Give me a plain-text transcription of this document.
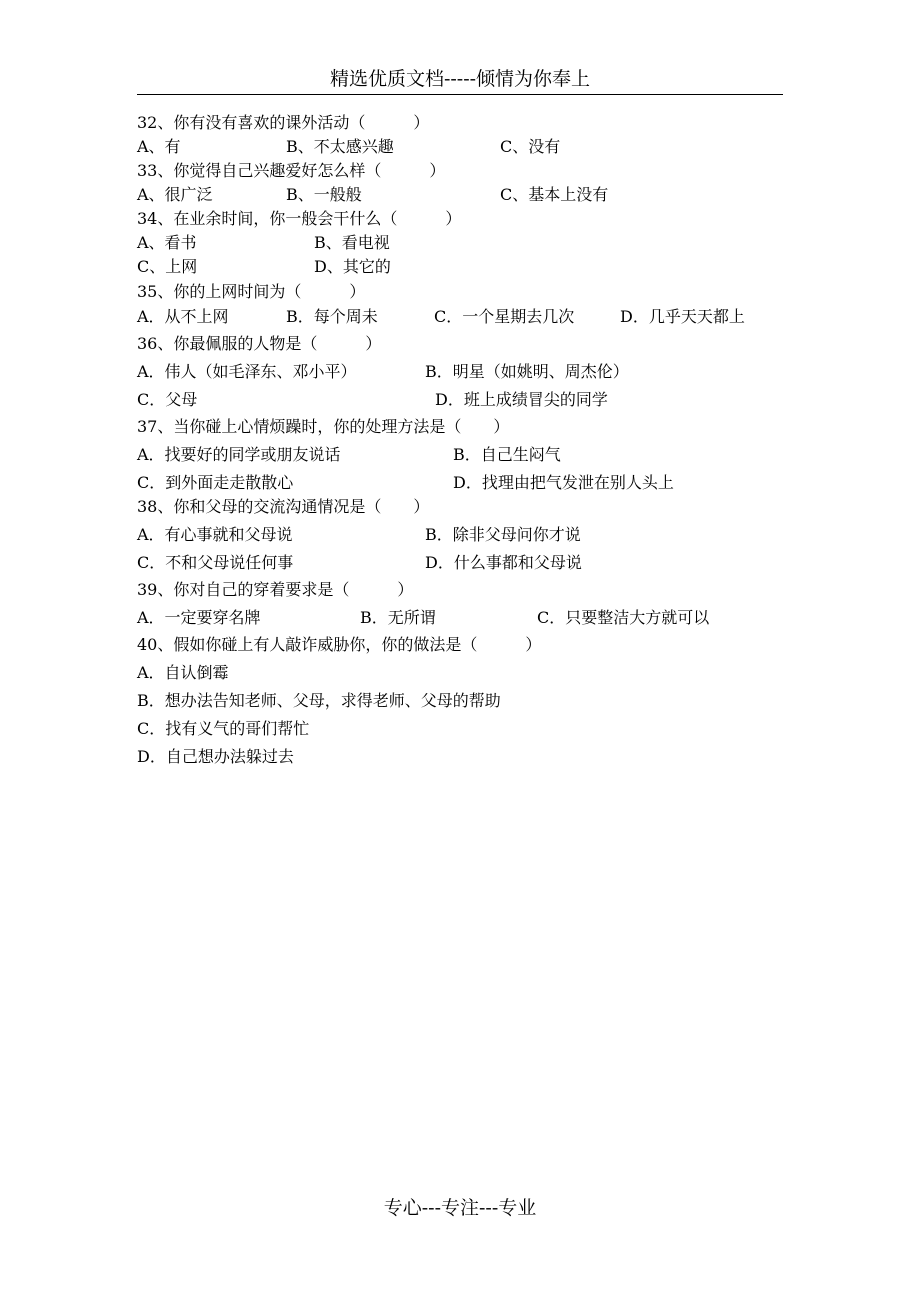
精选优质文档-----倾情为你奉上
32、你有没有喜欢的课外活动（　　　）
A、有	B、不太感兴趣	C、没有
33、你觉得自己兴趣爱好怎么样（　　　）
A、很广泛	B、一般般	C、基本上没有
34、在业余时间，你一般会干什么（　　　）
A、看书	B、看电视
C、上网	D、其它的
35、你的上网时间为（　　　）
A．从不上网	B．每个周未	C．一个星期去几次	D．几乎天天都上
36、你最佩服的人物是（　　　）
A．伟人（如毛泽东、邓小平）	B．明星（如姚明、周杰伦）
C．父母	D．班上成绩冒尖的同学
37、当你碰上心情烦躁时，你的处理方法是（　　）
A．找要好的同学或朋友说话	B．自己生闷气
C．到外面走走散散心	D．找理由把气发泄在别人头上
38、你和父母的交流沟通情况是（　　）
A．有心事就和父母说	B．除非父母问你才说
C．不和父母说任何事	D．什么事都和父母说
39、你对自己的穿着要求是（　　　）
A．一定要穿名牌	B．无所谓	C．只要整洁大方就可以
40、假如你碰上有人敲诈威胁你，你的做法是（　　　）
A．自认倒霉
B．想办法告知老师、父母，求得老师、父母的帮助
C．找有义气的哥们帮忙
D．自己想办法躲过去
专心---专注---专业
